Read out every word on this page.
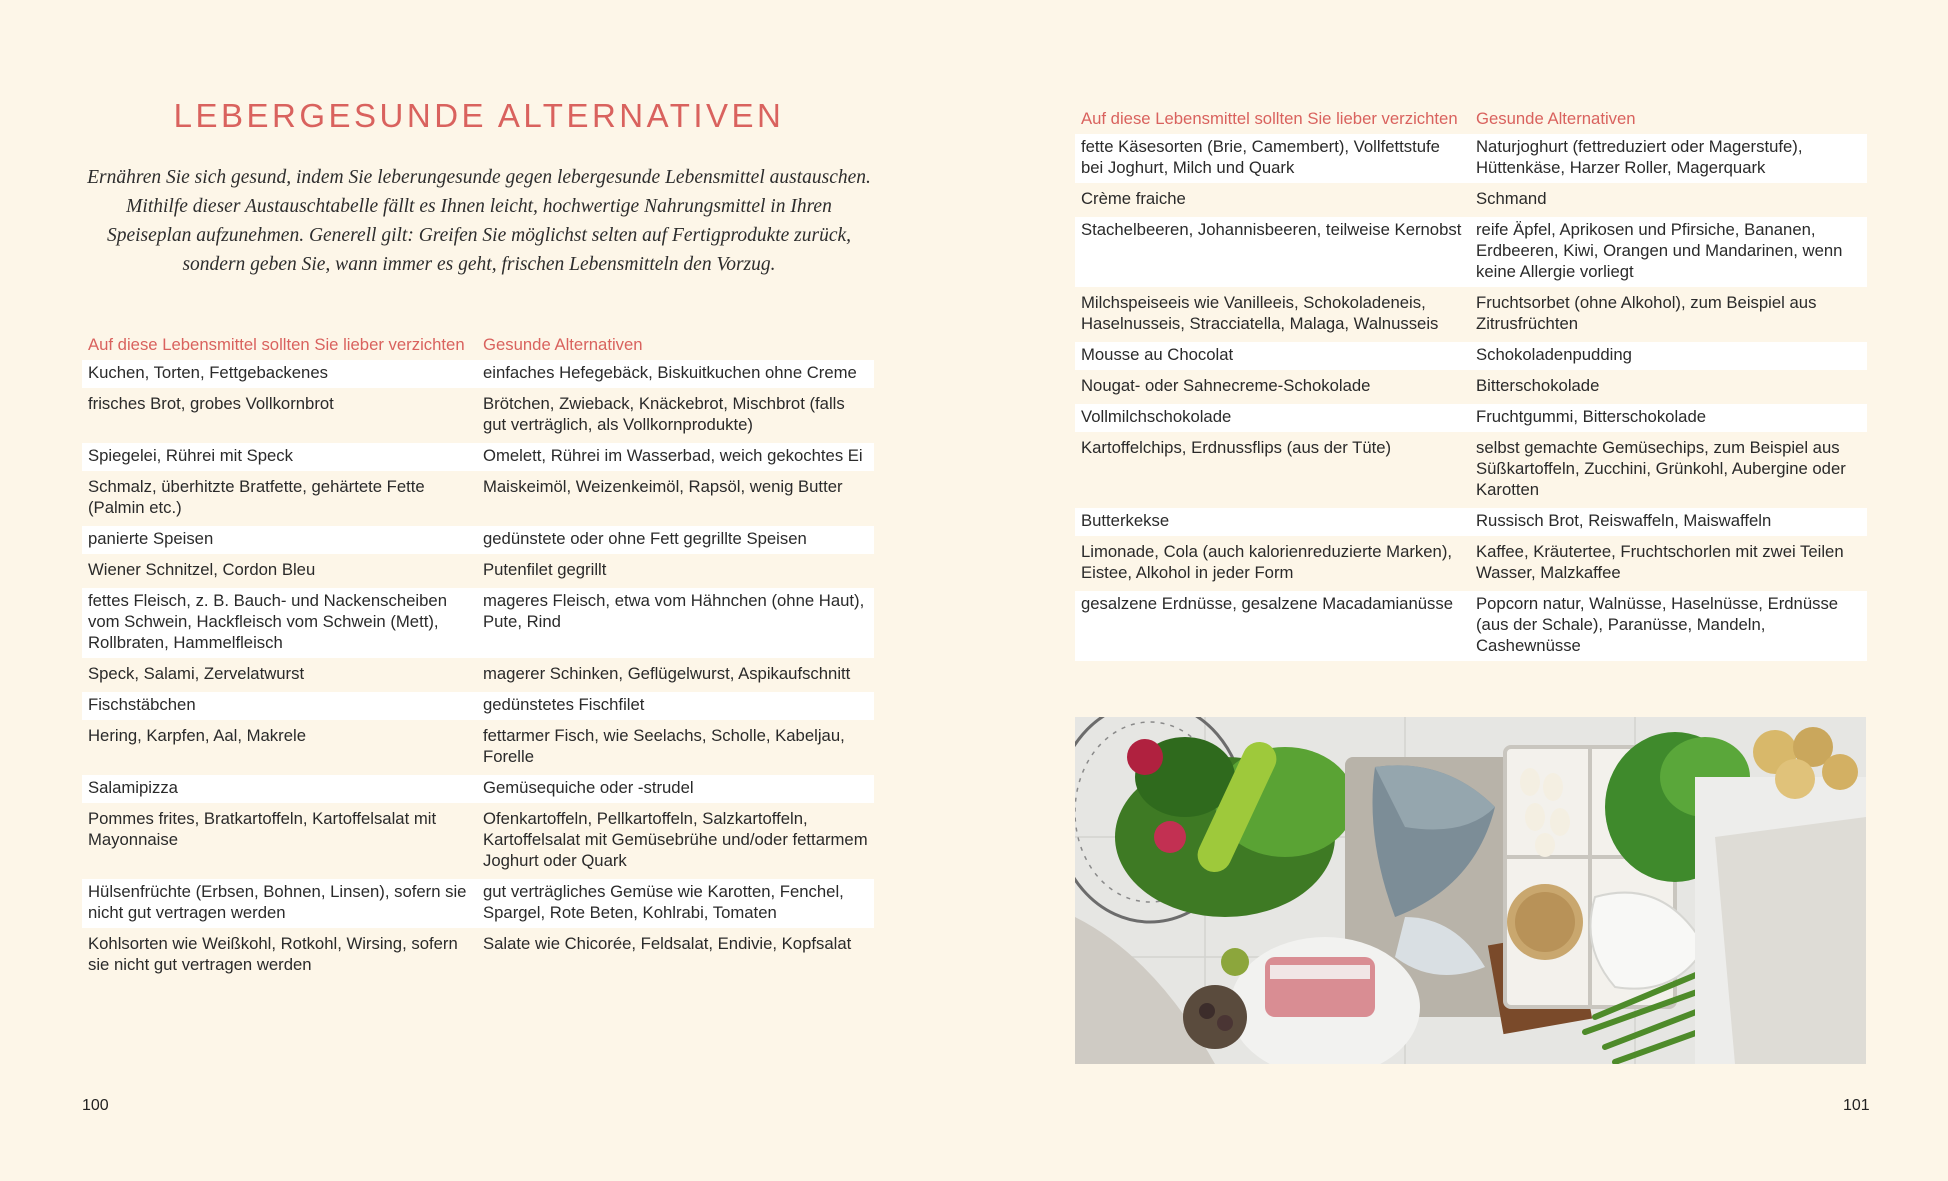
LEBERGESUNDE ALTERNATIVEN

Ernähren Sie sich gesund, indem Sie leberungesunde gegen lebergesunde Lebensmittel austauschen. Mithilfe dieser Austauschtabelle fällt es Ihnen leicht, hochwertige Nahrungsmittel in Ihren Speiseplan aufzunehmen. Generell gilt: Greifen Sie möglichst selten auf Fertigprodukte zurück, sondern geben Sie, wann immer es geht, frischen Lebensmitteln den Vorzug.

Auf diese Lebensmittel sollten Sie lieber verzichten	Gesunde Alternativen
Kuchen, Torten, Fettgebackenes	einfaches Hefegebäck, Biskuitkuchen ohne Creme
frisches Brot, grobes Vollkornbrot	Brötchen, Zwieback, Knäckebrot, Mischbrot (falls gut verträglich, als Vollkornprodukte)
Spiegelei, Rührei mit Speck	Omelett, Rührei im Wasserbad, weich gekochtes Ei
Schmalz, überhitzte Bratfette, gehärtete Fette (Palmin etc.)	Maiskeimöl, Weizenkeimöl, Rapsöl, wenig Butter
panierte Speisen	gedünstete oder ohne Fett gegrillte Speisen
Wiener Schnitzel, Cordon Bleu	Putenfilet gegrillt
fettes Fleisch, z. B. Bauch- und Nackenscheiben vom Schwein, Hackfleisch vom Schwein (Mett), Rollbraten, Hammelfleisch	mageres Fleisch, etwa vom Hähnchen (ohne Haut), Pute, Rind
Speck, Salami, Zervelatwurst	magerer Schinken, Geflügelwurst, Aspikaufschnitt
Fischstäbchen	gedünstetes Fischfilet
Hering, Karpfen, Aal, Makrele	fettarmer Fisch, wie Seelachs, Scholle, Kabeljau, Forelle
Salamipizza	Gemüsequiche oder -strudel
Pommes frites, Bratkartoffeln, Kartoffelsalat mit Mayonnaise	Ofenkartoffeln, Pellkartoffeln, Salzkartoffeln, Kartoffelsalat mit Gemüsebrühe und/oder fettarmem Joghurt oder Quark
Hülsenfrüchte (Erbsen, Bohnen, Linsen), sofern sie nicht gut vertragen werden	gut verträgliches Gemüse wie Karotten, Fenchel, Spargel, Rote Beten, Kohlrabi, Tomaten
Kohlsorten wie Weißkohl, Rotkohl, Wirsing, sofern sie nicht gut vertragen werden	Salate wie Chicorée, Feldsalat, Endivie, Kopfsalat
Auf diese Lebensmittel sollten Sie lieber verzichten	Gesunde Alternativen
fette Käsesorten (Brie, Camembert), Vollfettstufe bei Joghurt, Milch und Quark	Naturjoghurt (fettreduziert oder Magerstufe), Hüttenkäse, Harzer Roller, Magerquark
Crème fraiche	Schmand
Stachelbeeren, Johannisbeeren, teilweise Kernobst	reife Äpfel, Aprikosen und Pfirsiche, Bananen, Erdbeeren, Kiwi, Orangen und Mandarinen, wenn keine Allergie vorliegt
Milchspeiseeis wie Vanilleeis, Schokoladeneis, Haselnusseis, Stracciatella, Malaga, Walnusseis	Fruchtsorbet (ohne Alkohol), zum Beispiel aus Zitrusfrüchten
Mousse au Chocolat	Schokoladenpudding
Nougat- oder Sahnecreme-Schokolade	Bitterschokolade
Vollmilchschokolade	Fruchtgummi, Bitterschokolade
Kartoffelchips, Erdnussflips (aus der Tüte)	selbst gemachte Gemüsechips, zum Beispiel aus Süßkartoffeln, Zucchini, Grünkohl, Aubergine oder Karotten
Butterkekse	Russisch Brot, Reiswaffeln, Maiswaffeln
Limonade, Cola (auch kalorienreduzierte Marken), Eistee, Alkohol in jeder Form	Kaffee, Kräutertee, Fruchtschorlen mit zwei Teilen Wasser, Malzkaffee
gesalzene Erdnüsse, gesalzene Macadamianüsse	Popcorn natur, Walnüsse, Haselnüsse, Erdnüsse (aus der Schale), Paranüsse, Mandeln, Cashewnüsse
100	101
